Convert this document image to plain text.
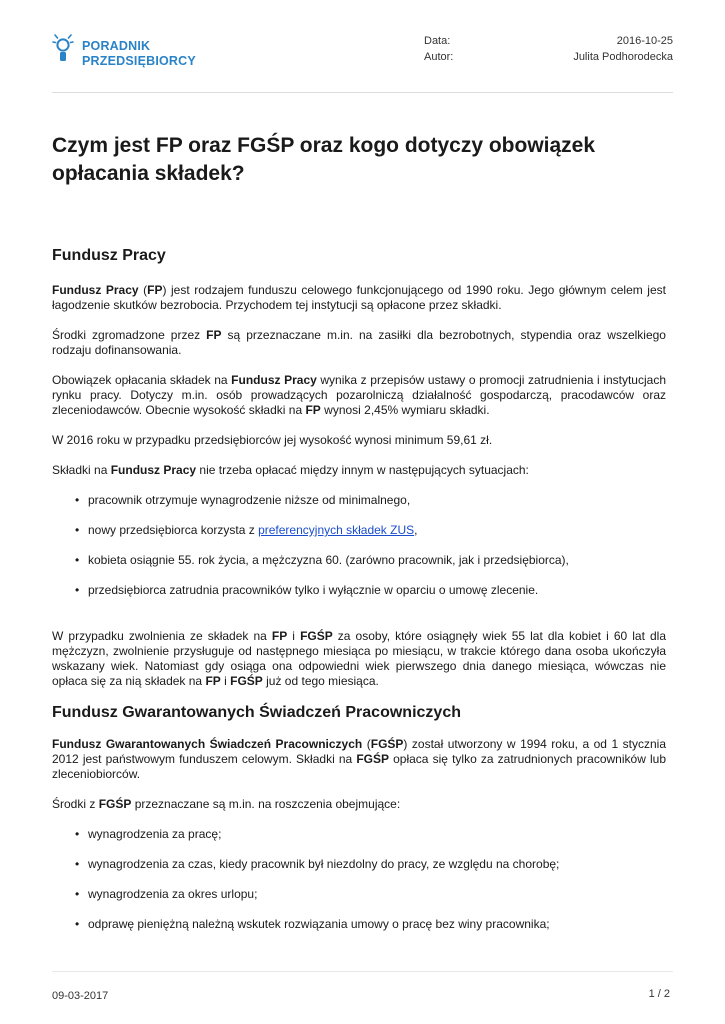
PORADNIK
PRZEDSIĘBIORCY
Data:	2016-10-25
Autor:	Julita Podhorodecka
Czym jest FP oraz FGŚP oraz kogo dotyczy obowiązek opłacania składek?
Fundusz Pracy

Fundusz Pracy (FP) jest rodzajem funduszu celowego funkcjonującego od 1990 roku. Jego głównym celem jest łagodzenie skutków bezrobocia. Przychodem tej instytucji są opłacone przez składki.

Środki zgromadzone przez FP są przeznaczane m.in. na zasiłki dla bezrobotnych, stypendia oraz wszelkiego rodzaju dofinansowania.

Obowiązek opłacania składek na Fundusz Pracy wynika z przepisów ustawy o promocji zatrudnienia i instytucjach rynku pracy. Dotyczy m.in. osób prowadzących pozarolniczą działalność gospodarczą, pracodawców oraz zleceniodawców. Obecnie wysokość składki na FP wynosi 2,45% wymiaru składki.

W 2016 roku w przypadku przedsiębiorców jej wysokość wynosi minimum 59,61 zł.

Składki na Fundusz Pracy nie trzeba opłacać między innym w następujących sytuacjach:

• pracownik otrzymuje wynagrodzenie niższe od minimalnego,
• nowy przedsiębiorca korzysta z preferencyjnych składek ZUS,
• kobieta osiągnie 55. rok życia, a mężczyzna 60. (zarówno pracownik, jak i przedsiębiorca),
• przedsiębiorca zatrudnia pracowników tylko i wyłącznie w oparciu o umowę zlecenie.

W przypadku zwolnienia ze składek na FP i FGŚP za osoby, które osiągnęły wiek 55 lat dla kobiet i 60 lat dla mężczyzn, zwolnienie przysługuje od następnego miesiąca po miesiącu, w trakcie którego dana osoba ukończyła wskazany wiek. Natomiast gdy osiąga ona odpowiedni wiek pierwszego dnia danego miesiąca, wówczas nie opłaca się za nią składek na FP i FGŚP już od tego miesiąca.

Fundusz Gwarantowanych Świadczeń Pracowniczych

Fundusz Gwarantowanych Świadczeń Pracowniczych (FGŚP) został utworzony w 1994 roku, a od 1 stycznia 2012 jest państwowym funduszem celowym. Składki na FGŚP opłaca się tylko za zatrudnionych pracowników lub zleceniobiorców.

Środki z FGŚP przeznaczane są m.in. na roszczenia obejmujące:

• wynagrodzenia za pracę;
• wynagrodzenia za czas, kiedy pracownik był niezdolny do pracy, ze względu na chorobę;
• wynagrodzenia za okres urlopu;
• odprawę pieniężną należną wskutek rozwiązania umowy o pracę bez winy pracownika;
09-03-2017	1 / 2
